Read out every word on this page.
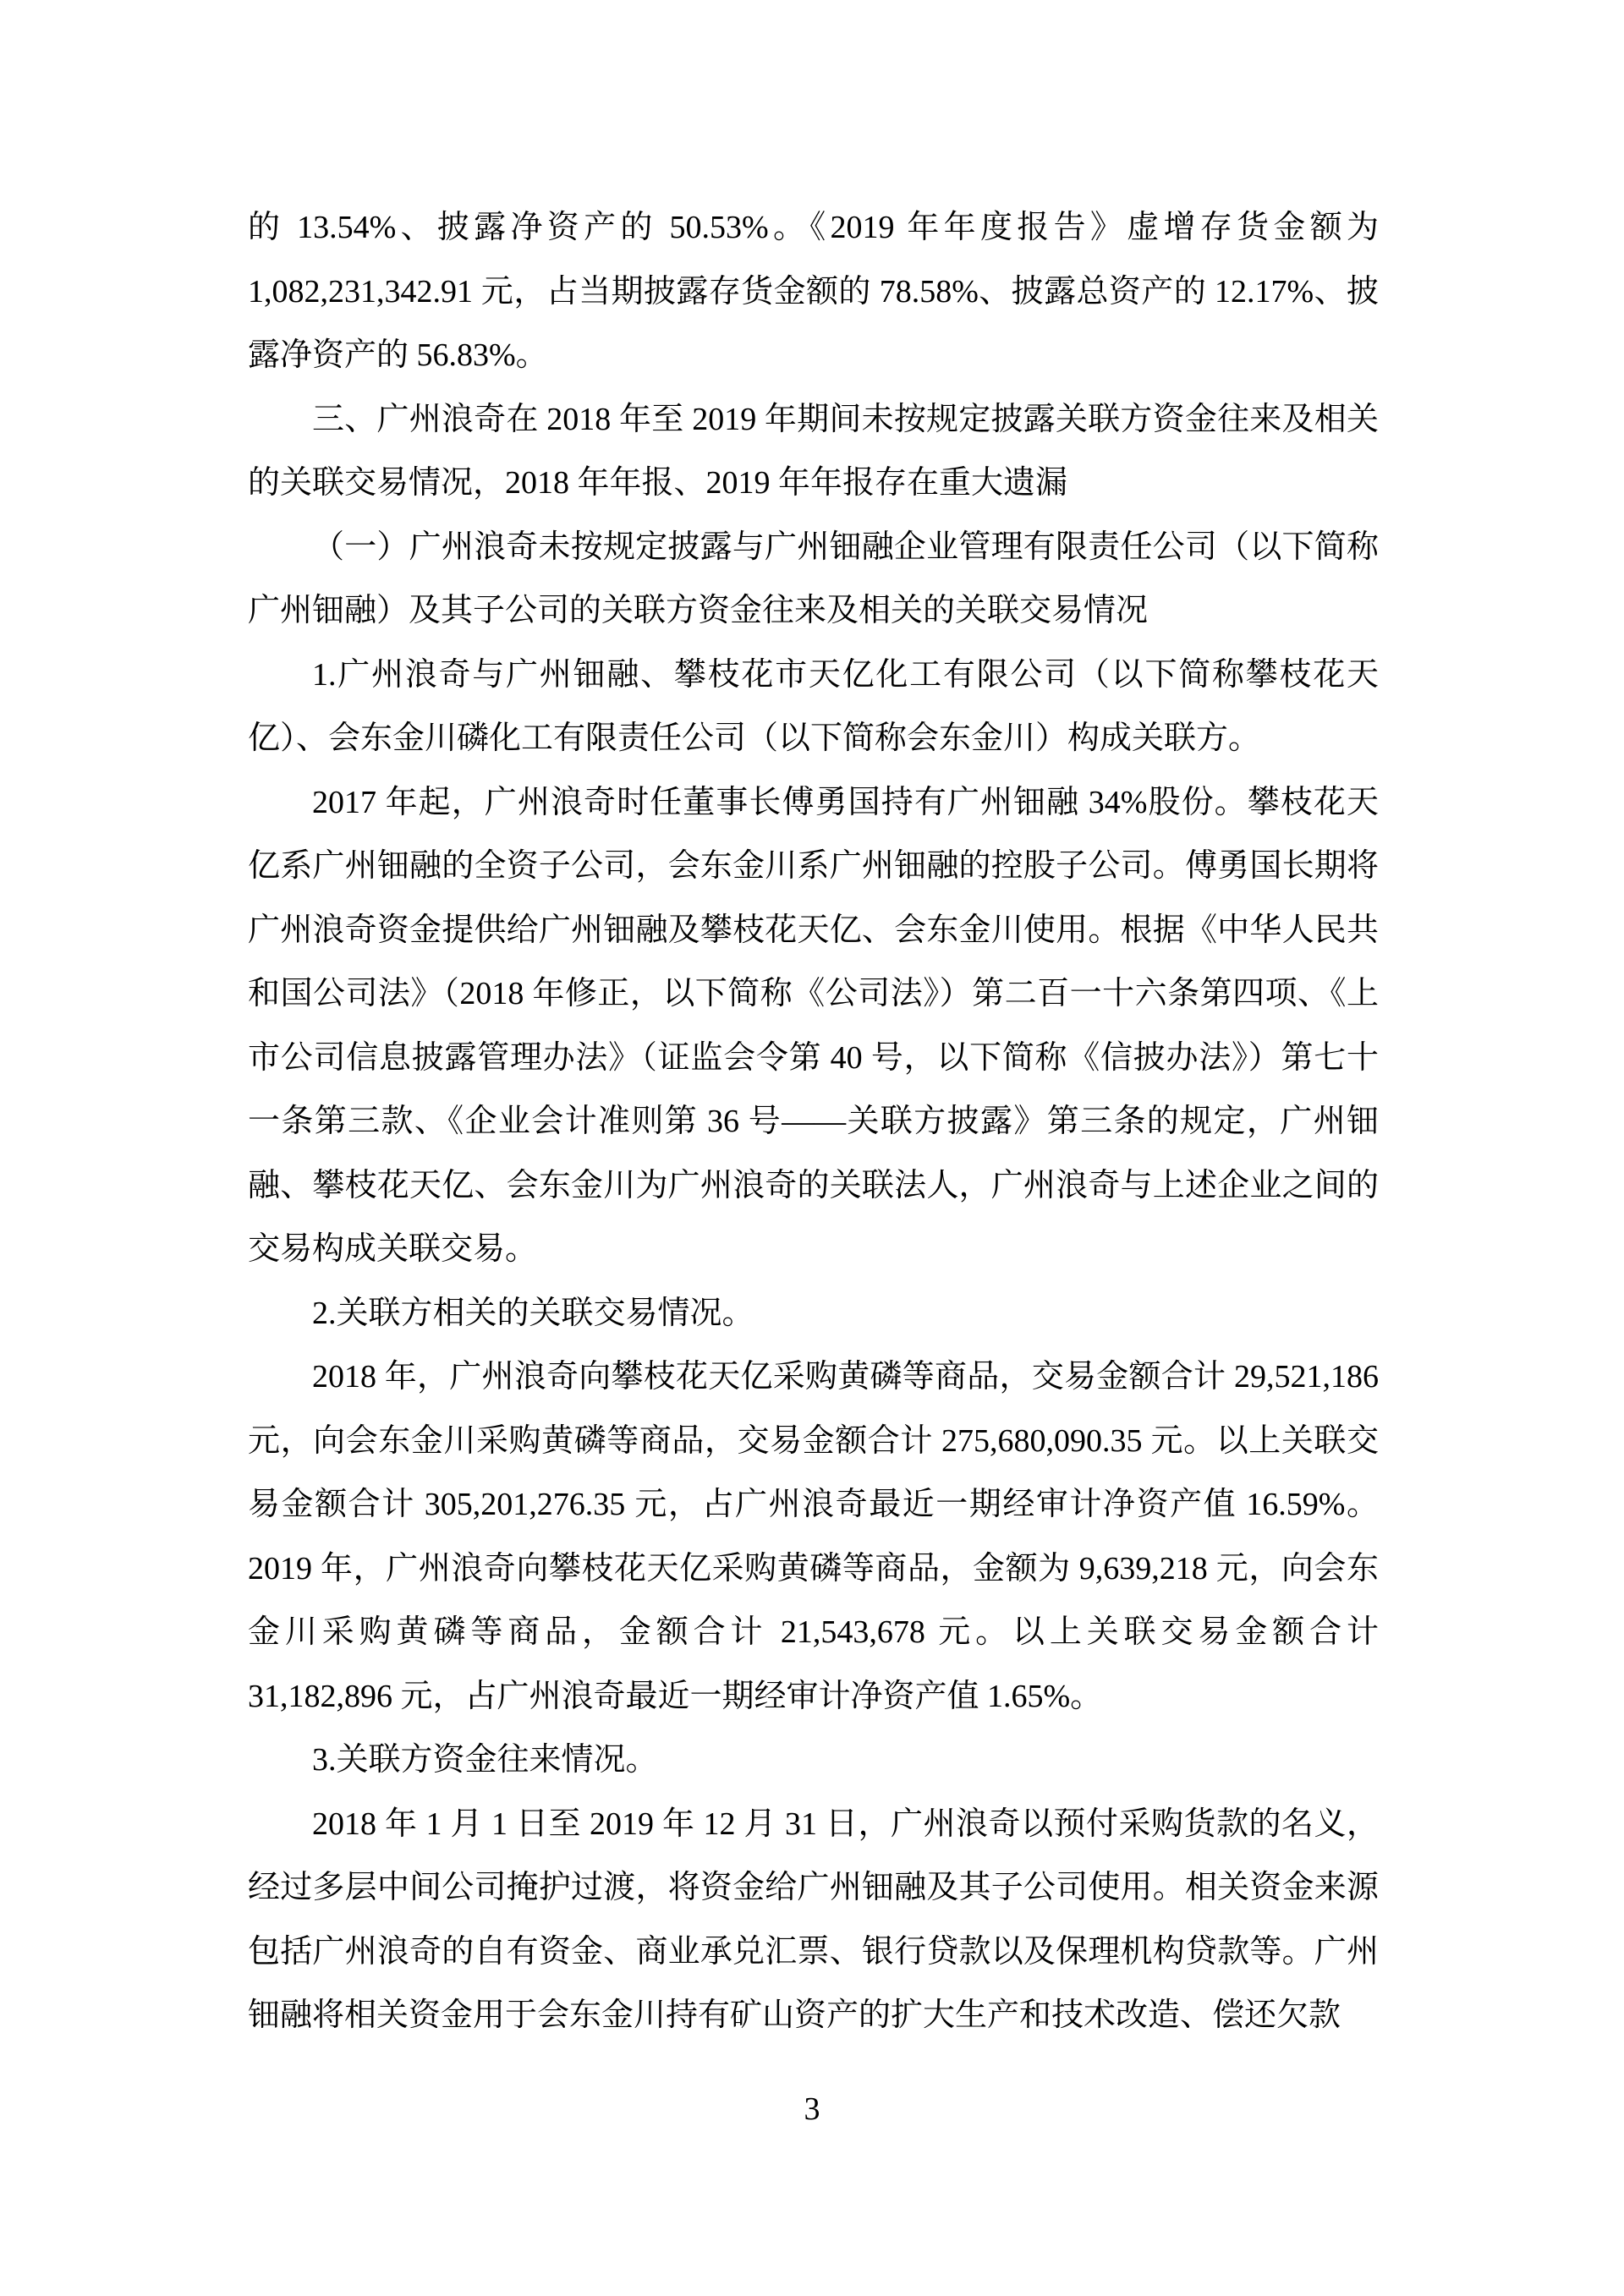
的 13.54%、披露净资产的 50.53%。《2019 年年度报告》虚增存货金额为 1,082,231,342.91 元，占当期披露存货金额的 78.58%、披露总资产的 12.17%、披露净资产的 56.83%。

三、广州浪奇在 2018 年至 2019 年期间未按规定披露关联方资金往来及相关的关联交易情况，2018 年年报、2019 年年报存在重大遗漏

（一）广州浪奇未按规定披露与广州钿融企业管理有限责任公司（以下简称广州钿融）及其子公司的关联方资金往来及相关的关联交易情况

1.广州浪奇与广州钿融、攀枝花市天亿化工有限公司（以下简称攀枝花天亿）、会东金川磷化工有限责任公司（以下简称会东金川）构成关联方。

2017 年起，广州浪奇时任董事长傅勇国持有广州钿融 34%股份。攀枝花天亿系广州钿融的全资子公司，会东金川系广州钿融的控股子公司。傅勇国长期将广州浪奇资金提供给广州钿融及攀枝花天亿、会东金川使用。根据《中华人民共和国公司法》（2018 年修正，以下简称《公司法》）第二百一十六条第四项、《上市公司信息披露管理办法》（证监会令第 40 号，以下简称《信披办法》）第七十一条第三款、《企业会计准则第 36 号——关联方披露》第三条的规定，广州钿融、攀枝花天亿、会东金川为广州浪奇的关联法人，广州浪奇与上述企业之间的交易构成关联交易。

2.关联方相关的关联交易情况。

2018 年，广州浪奇向攀枝花天亿采购黄磷等商品，交易金额合计 29,521,186 元，向会东金川采购黄磷等商品，交易金额合计 275,680,090.35 元。以上关联交易金额合计 305,201,276.35 元，占广州浪奇最近一期经审计净资产值 16.59%。2019 年，广州浪奇向攀枝花天亿采购黄磷等商品，金额为 9,639,218 元，向会东金川采购黄磷等商品，金额合计 21,543,678 元。以上关联交易金额合计 31,182,896 元，占广州浪奇最近一期经审计净资产值 1.65%。

3.关联方资金往来情况。

2018 年 1 月 1 日至 2019 年 12 月 31 日，广州浪奇以预付采购货款的名义，经过多层中间公司掩护过渡，将资金给广州钿融及其子公司使用。相关资金来源包括广州浪奇的自有资金、商业承兑汇票、银行贷款以及保理机构贷款等。广州钿融将相关资金用于会东金川持有矿山资产的扩大生产和技术改造、偿还欠款

3
